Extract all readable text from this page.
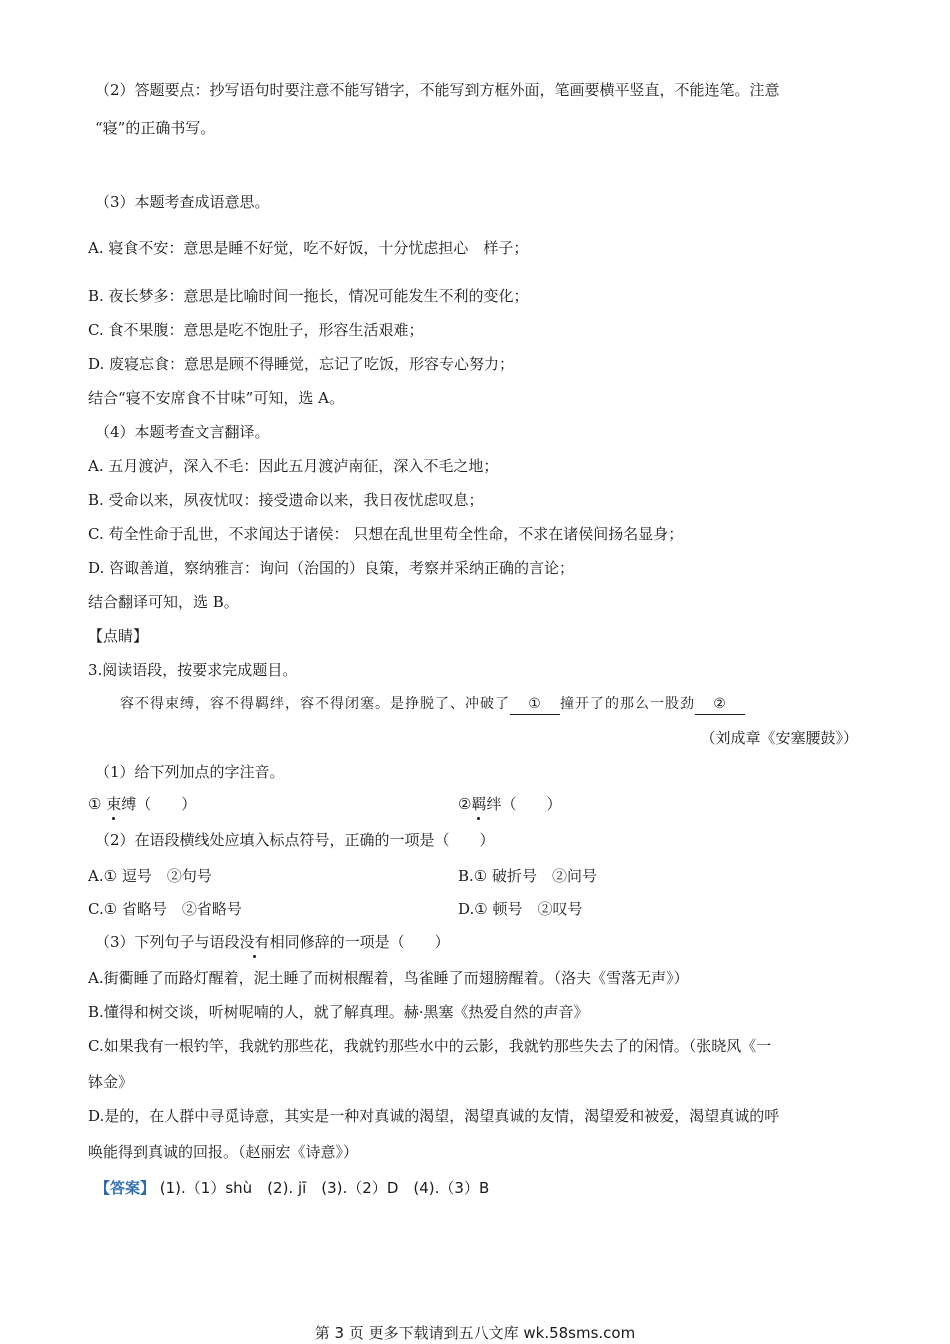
（2）答题要点：抄写语句时要注意不能写错字，不能写到方框外面，笔画要横平竖直，不能连笔。注意
“寝”的正确书写。
（3）本题考查成语意思。
A. 寝食不安：意思是睡不好觉，吃不好饭，十分忧虑担心　样子；
B. 夜长梦多：意思是比喻时间一拖长，情况可能发生不利的变化；
C. 食不果腹：意思是吃不饱肚子，形容生活艰难；
D. 废寝忘食：意思是顾不得睡觉，忘记了吃饭，形容专心努力；
结合“寝不安席食不甘味”可知，选 A。
（4）本题考查文言翻译。
A. 五月渡泸，深入不毛：因此五月渡泸南征，深入不毛之地；
B. 受命以来，夙夜忧叹：接受遗命以来，我日夜忧虑叹息；
C. 苟全性命于乱世，不求闻达于诸侯： 只想在乱世里苟全性命，不求在诸侯间扬名显身；
D. 咨诹善道，察纳雅言：询问（治国的）良策，考察并采纳正确的言论；
结合翻译可知，选 B。
【点睛】
3.阅读语段，按要求完成题目。
容不得束缚，容不得羁绊，容不得闭塞。是挣脱了、冲破了 ① 撞开了的那么一股劲 ②
（刘成章《安塞腰鼓》）
（1）给下列加点的字注音。
① 束缚（　　）	②羁绊（　　）
（2）在语段横线处应填入标点符号，正确的一项是（　　）
A.① 逗号　②句号	B.① 破折号　②问号
C.① 省略号　②省略号	D.① 顿号　②叹号
（3）下列句子与语段没有相同修辞的一项是（　　）
A.街衢睡了而路灯醒着，泥土睡了而树根醒着，鸟雀睡了而翅膀醒着。（洛夫《雪落无声》）
B.懂得和树交谈，听树呢喃的人，就了解真理。赫·黑塞《热爱自然的声音》
C.如果我有一根钓竿，我就钓那些花，我就钓那些水中的云影，我就钓那些失去了的闲情。（张晓风《一
钵金》
D.是的，在人群中寻觅诗意，其实是一种对真诚的渴望，渴望真诚的友情，渴望爱和被爱，渴望真诚的呼
唤能得到真诚的回报。（赵丽宏《诗意》）
【答案】 (1).（1）shù　(2). jī　(3).（2）D　(4).（3）B
第 3 页 更多下载请到五八文库 wk.58sms.com
